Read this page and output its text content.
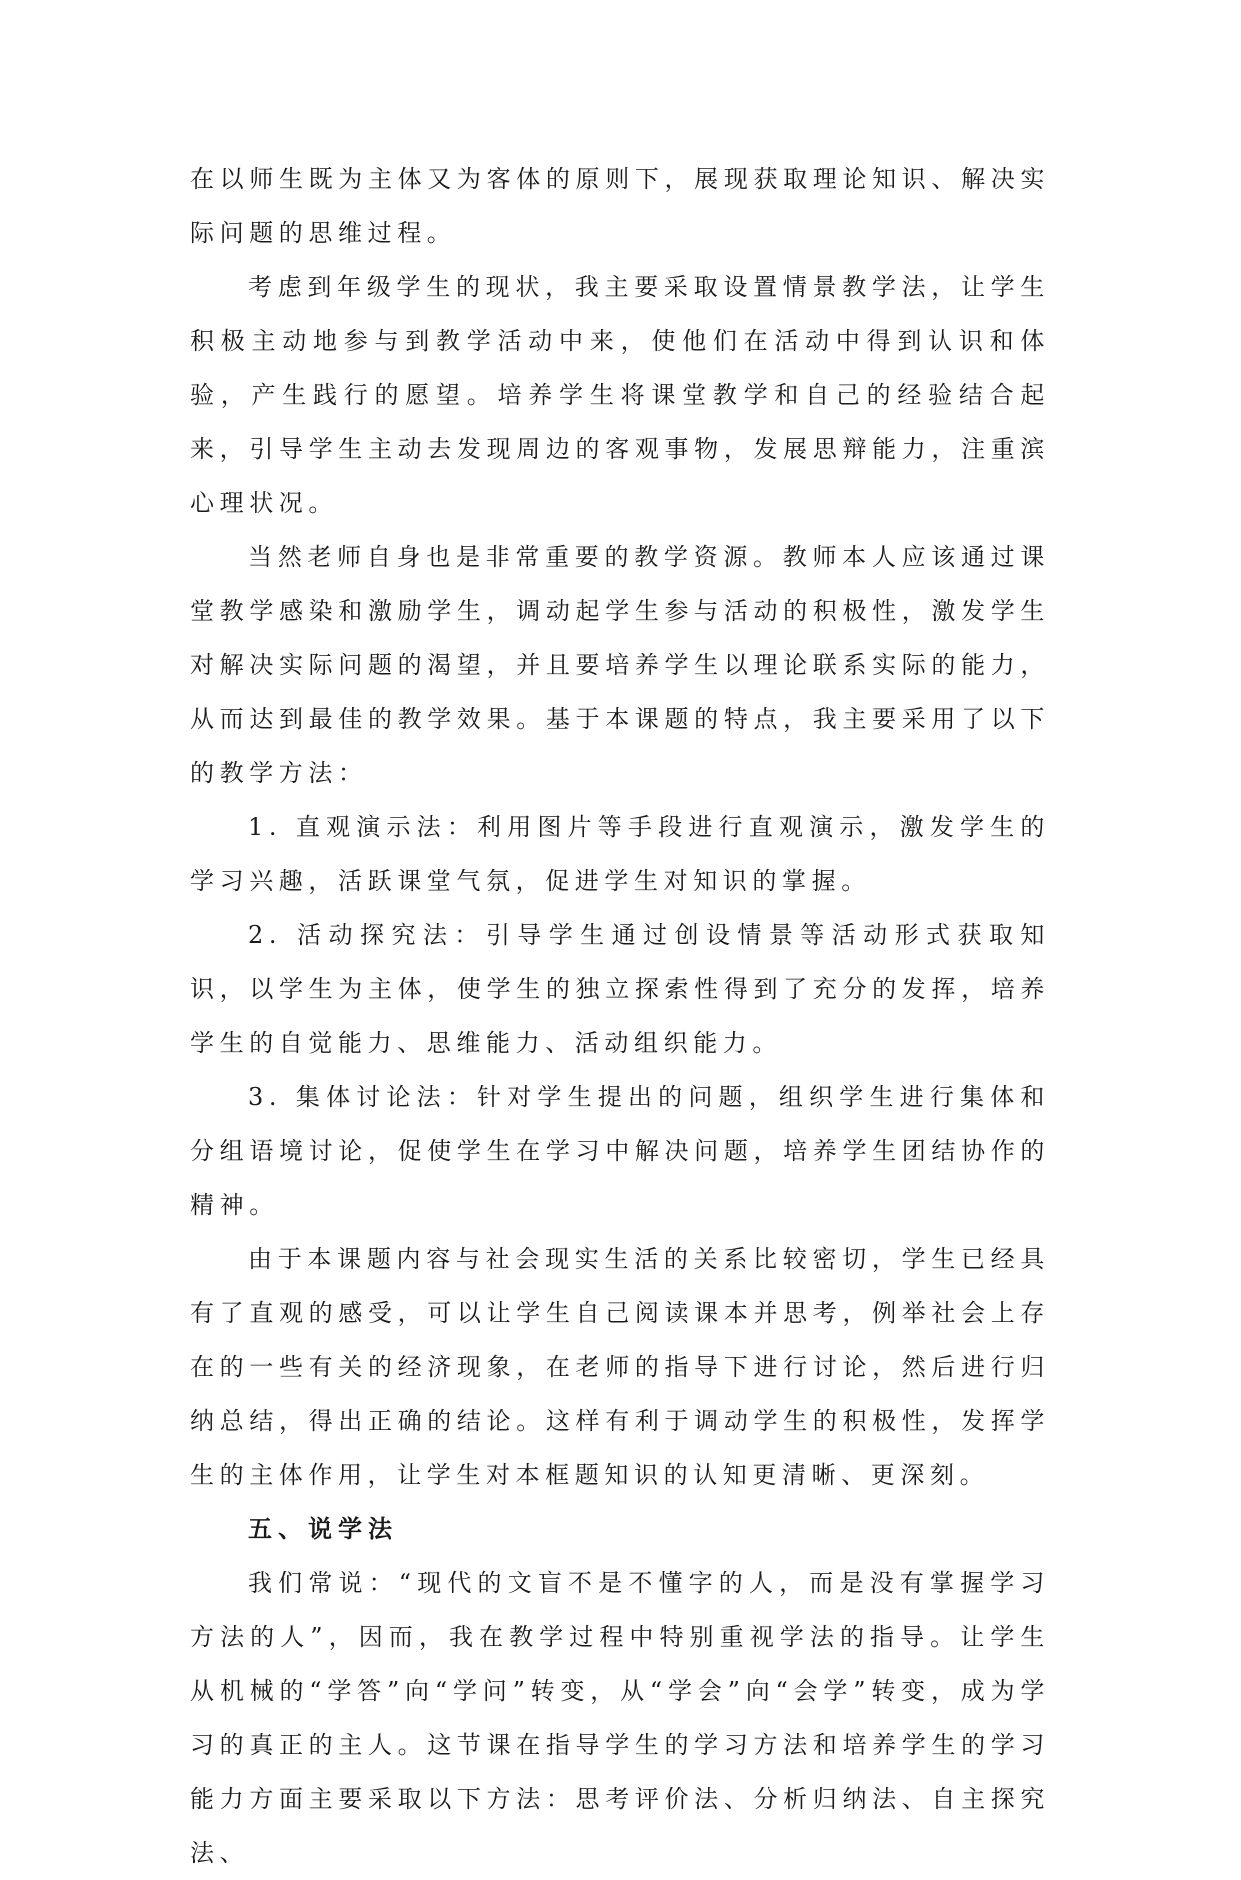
在以师生既为主体又为客体的原则下，展现获取理论知识、解决实际问题的思维过程。

考虑到年级学生的现状，我主要采取设置情景教学法，让学生积极主动地参与到教学活动中来，使他们在活动中得到认识和体验，产生践行的愿望。培养学生将课堂教学和自己的经验结合起来，引导学生主动去发现周边的客观事物，发展思辩能力，注重滨心理状况。

当然老师自身也是非常重要的教学资源。教师本人应该通过课堂教学感染和激励学生，调动起学生参与活动的积极性，激发学生对解决实际问题的渴望，并且要培养学生以理论联系实际的能力，从而达到最佳的教学效果。基于本课题的特点，我主要采用了以下的教学方法：

1. 直观演示法：利用图片等手段进行直观演示，激发学生的学习兴趣，活跃课堂气氛，促进学生对知识的掌握。

2. 活动探究法：引导学生通过创设情景等活动形式获取知识，以学生为主体，使学生的独立探索性得到了充分的发挥，培养学生的自觉能力、思维能力、活动组织能力。

3. 集体讨论法：针对学生提出的问题，组织学生进行集体和分组语境讨论，促使学生在学习中解决问题，培养学生团结协作的精神。

由于本课题内容与社会现实生活的关系比较密切，学生已经具有了直观的感受，可以让学生自己阅读课本并思考，例举社会上存在的一些有关的经济现象，在老师的指导下进行讨论，然后进行归纳总结，得出正确的结论。这样有利于调动学生的积极性，发挥学生的主体作用，让学生对本框题知识的认知更清晰、更深刻。

五、说学法

我们常说：“现代的文盲不是不懂字的人，而是没有掌握学习方法的人”，因而，我在教学过程中特别重视学法的指导。让学生从机械的“学答”向“学问”转变，从“学会”向“会学”转变，成为学习的真正的主人。这节课在指导学生的学习方法和培养学生的学习能力方面主要采取以下方法：思考评价法、分析归纳法、自主探究法、
